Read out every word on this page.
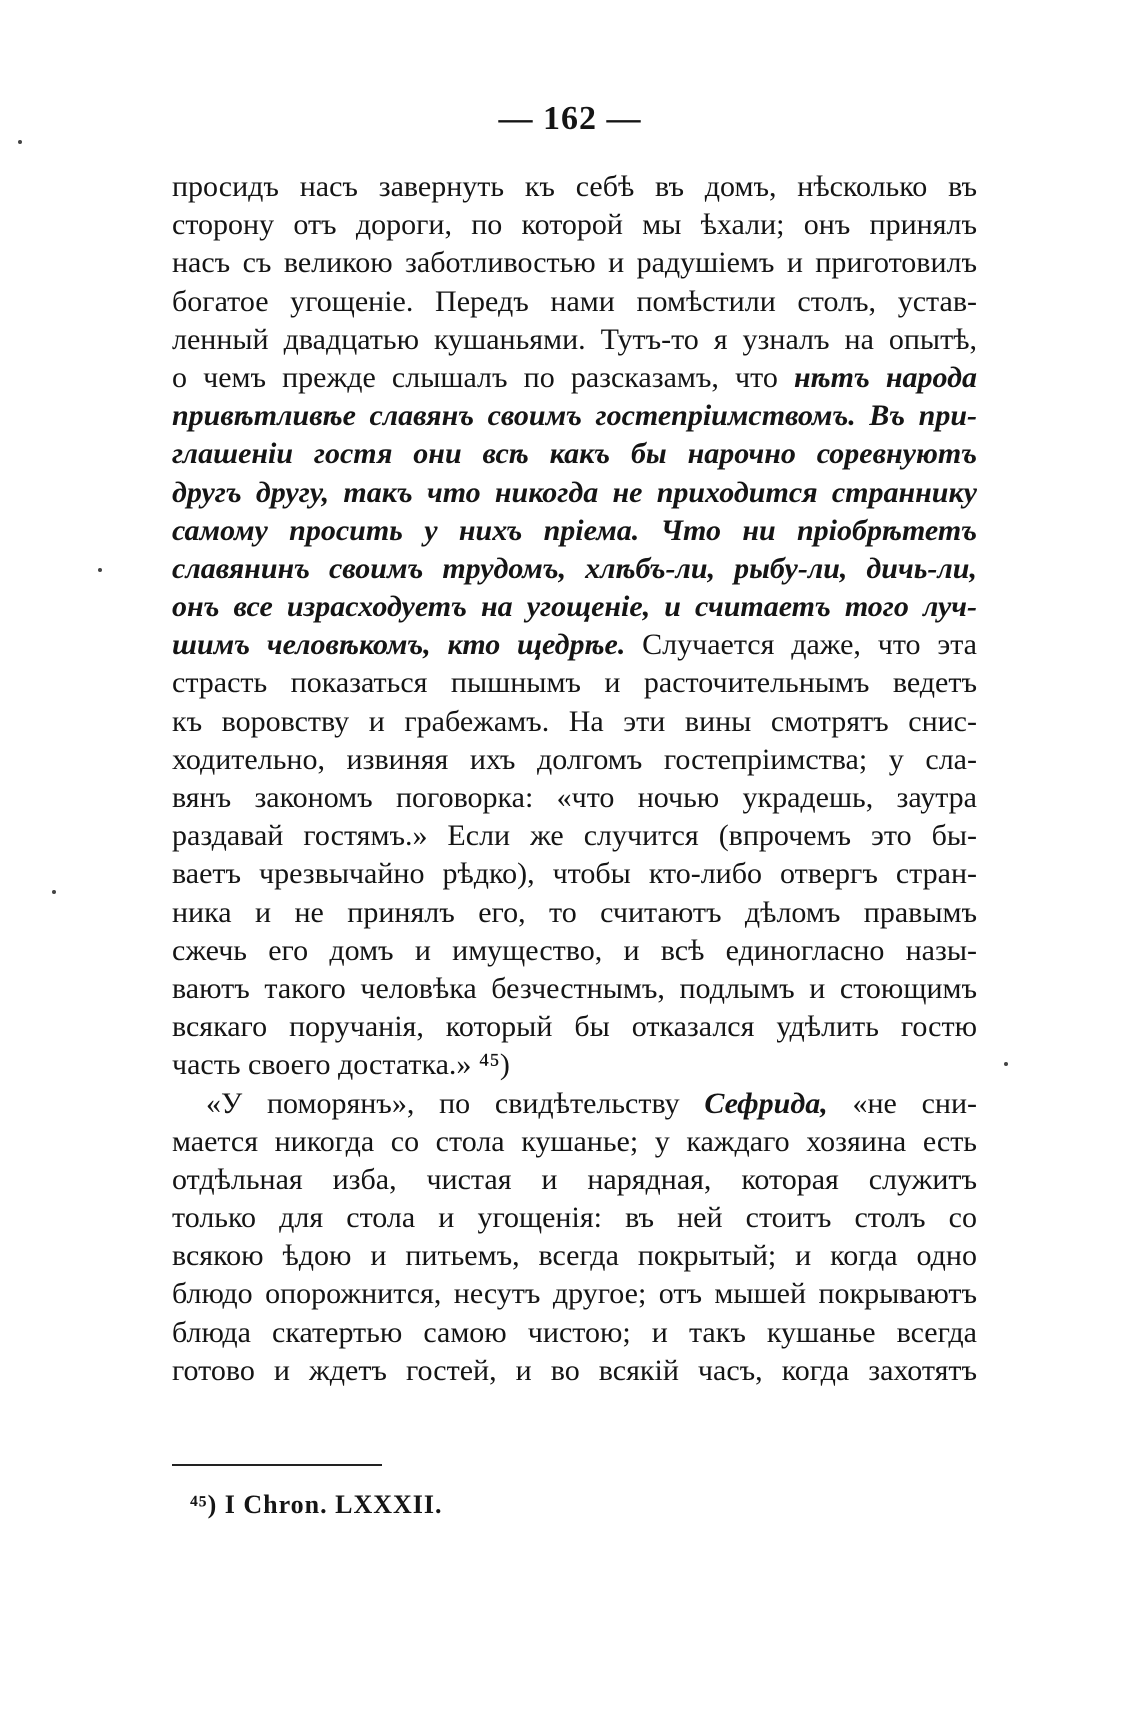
— 162 —
просидъ насъ завернуть къ себѣ въ домъ, нѣсколько въ
сторону отъ дороги, по которой мы ѣхали; онъ принялъ
насъ съ великою заботливостью и радушіемъ и приготовилъ
богатое угощеніе. Передъ нами помѣстили столъ, устав-
ленный двадцатью кушаньями. Тутъ-то я узналъ на опытѣ,
о чемъ прежде слышалъ по разсказамъ, что нѣтъ народа
привѣтливѣе славянъ своимъ гостепріимствомъ. Въ при-
глашеніи гостя они всѣ какъ бы нарочно соревнуютъ
другъ другу, такъ что никогда не приходится страннику
самому просить у нихъ пріема. Что ни пріобрѣтетъ
славянинъ своимъ трудомъ, хлѣбъ-ли, рыбу-ли, дичь-ли,
онъ все израсходуетъ на угощеніе, и считаетъ того луч-
шимъ человѣкомъ, кто щедрѣе. Случается даже, что эта
страсть показаться пышнымъ и расточительнымъ ведетъ
къ воровству и грабежамъ. На эти вины смотрятъ снис-
ходительно, извиняя ихъ долгомъ гостепріимства; у сла-
вянъ закономъ поговорка: «что ночью украдешь, заутра
раздавай гостямъ.» Если же случится (впрочемъ это бы-
ваетъ чрезвычайно рѣдко), чтобы кто-либо отвергъ стран-
ника и не принялъ его, то считаютъ дѣломъ правымъ
сжечь его домъ и имущество, и всѣ единогласно назы-
ваютъ такого человѣка безчестнымъ, подлымъ и стоющимъ
всякаго поручанія, который бы отказался удѣлить гостю
часть своего достатка.» ⁴⁵)
«У поморянъ», по свидѣтельству Сефрида, «не сни-
мается никогда со стола кушанье; у каждаго хозяина есть
отдѣльная изба, чистая и нарядная, которая служитъ
только для стола и угощенія: въ ней стоитъ столъ со
всякою ѣдою и питьемъ, всегда покрытый; и когда одно
блюдо опорожнится, несутъ другое; отъ мышей покрываютъ
блюда скатертью самою чистою; и такъ кушанье всегда
готово и ждетъ гостей, и во всякій часъ, когда захотятъ
⁴⁵) I Chron. LXXXII.
